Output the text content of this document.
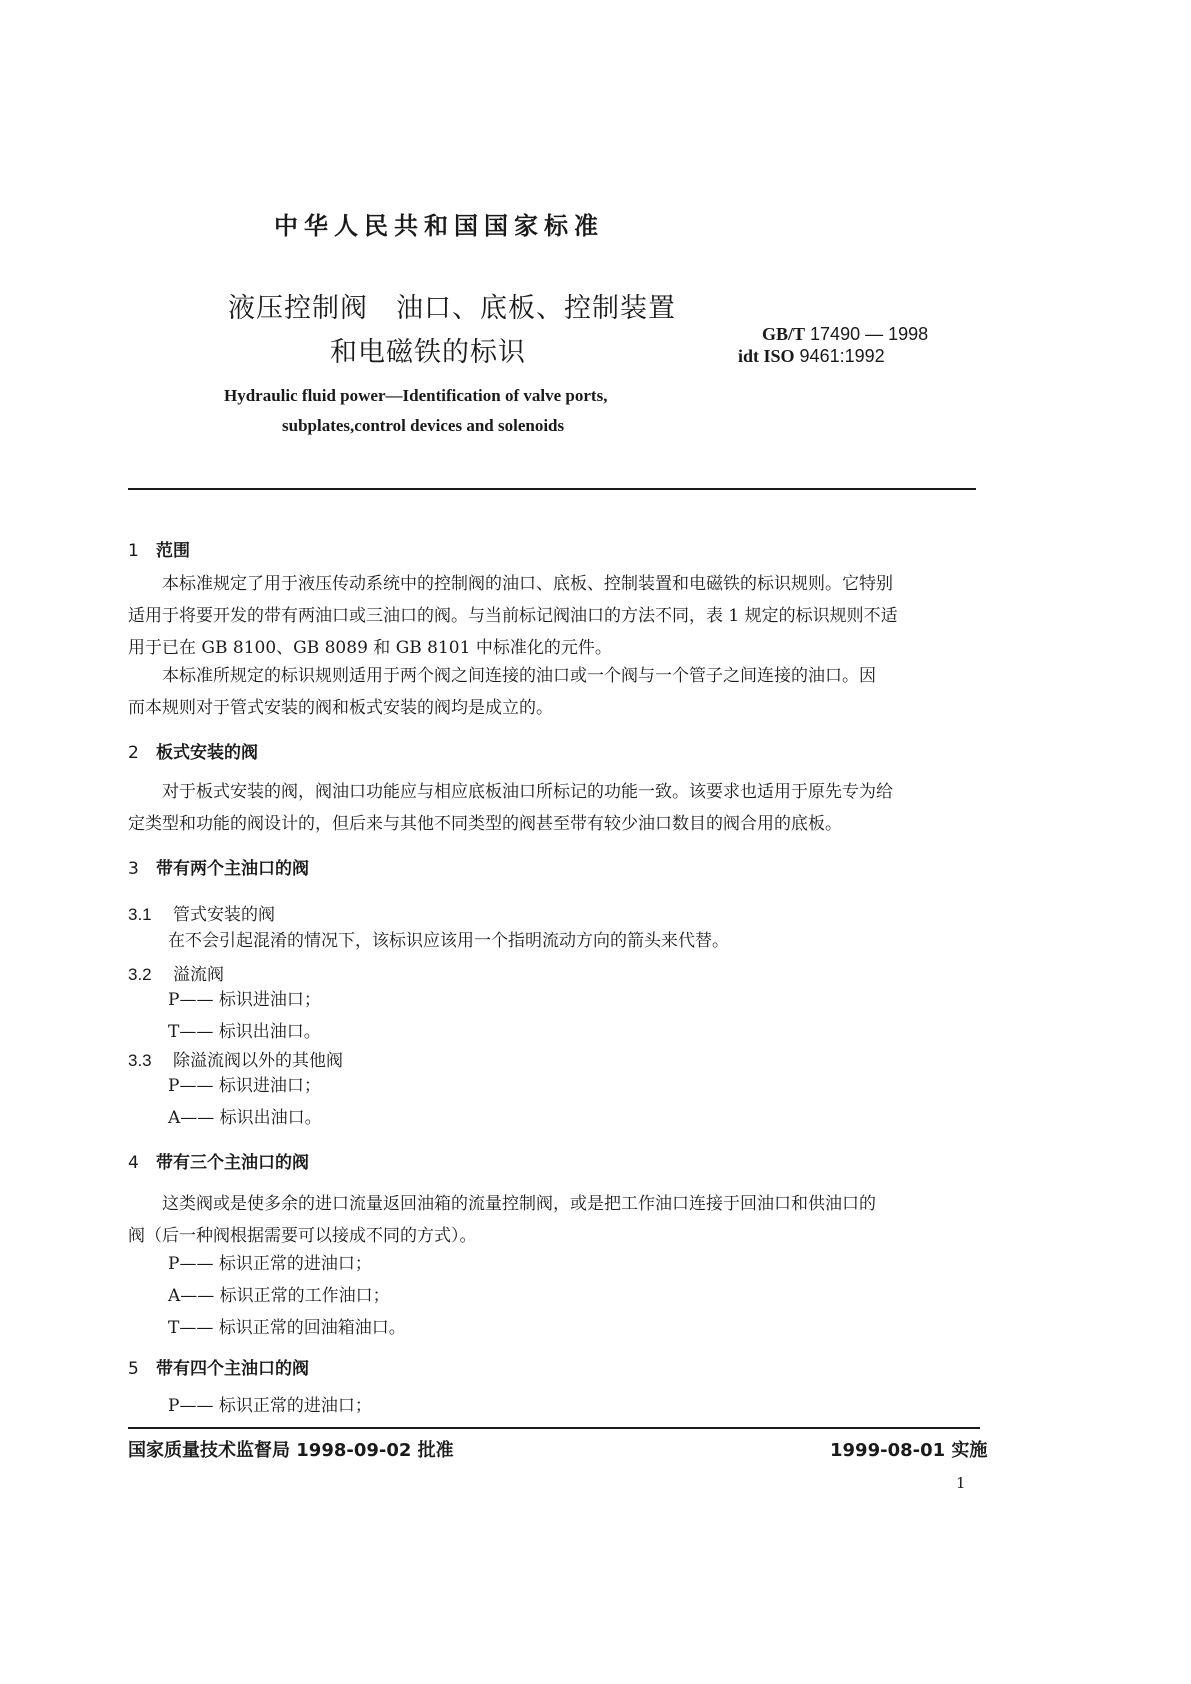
中华人民共和国国家标准
液压控制阀　油口、底板、控制装置
和电磁铁的标识
GB/T 17490 — 1998
idt ISO 9461:1992
Hydraulic fluid power—Identification of valve ports,
subplates,control devices and solenoids
1 范围
本标准规定了用于液压传动系统中的控制阀的油口、底板、控制装置和电磁铁的标识规则。它特别
适用于将要开发的带有两油口或三油口的阀。与当前标记阀油口的方法不同，表 1 规定的标识规则不适
用于已在 GB 8100、GB 8089 和 GB 8101 中标准化的元件。
本标准所规定的标识规则适用于两个阀之间连接的油口或一个阀与一个管子之间连接的油口。因
而本规则对于管式安装的阀和板式安装的阀均是成立的。
2 板式安装的阀
对于板式安装的阀，阀油口功能应与相应底板油口所标记的功能一致。该要求也适用于原先专为给
定类型和功能的阀设计的，但后来与其他不同类型的阀甚至带有较少油口数目的阀合用的底板。
3 带有两个主油口的阀
3.1 管式安装的阀
在不会引起混淆的情况下，该标识应该用一个指明流动方向的箭头来代替。
3.2 溢流阀
P—— 标识进油口；
T—— 标识出油口。
3.3 除溢流阀以外的其他阀
P—— 标识进油口；
A—— 标识出油口。
4 带有三个主油口的阀
这类阀或是使多余的进口流量返回油箱的流量控制阀，或是把工作油口连接于回油口和供油口的
阀（后一种阀根据需要可以接成不同的方式）。
P—— 标识正常的进油口；
A—— 标识正常的工作油口；
T—— 标识正常的回油箱油口。
5 带有四个主油口的阀
P—— 标识正常的进油口；
国家质量技术监督局 1998-09-02 批准	1999-08-01 实施
1
